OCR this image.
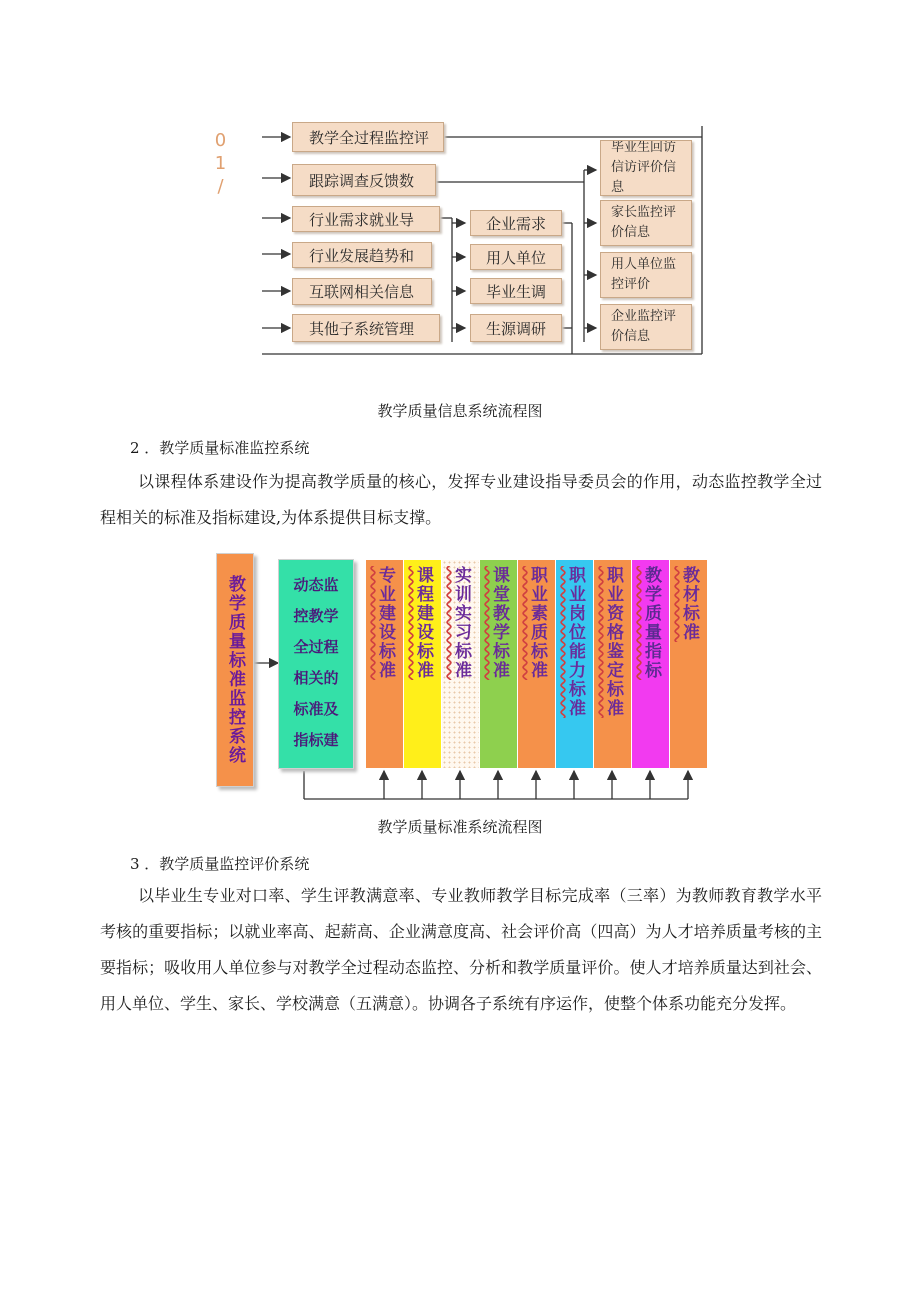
01/	教学全过程监控评
跟踪调查反馈数
行业需求就业导
行业发展趋势和
互联网相关信息
其他子系统管理
企业需求
用人单位
毕业生调
生源调研
毕业生回访信访评价信息
家长监控评价信息
用人单位监控评价
企业监控评价信息
教学质量信息系统流程图
2 ．教学质量标准监控系统

以课程体系建设作为提高教学质量的核心，发挥专业建设指导委员会的作用，动态监控教学全过程相关的标准及指标建设,为体系提供目标支撑。

教学质量标准监控系统	动态监
控教学
全过程
相关的
标准及
指标建
专业建设标准 课程建设标准 实训实习标准 课堂教学标准 职业素质标准 职业岗位能力标准 职业资格鉴定标准 教学质量指标 教材标准
教学质量标准系统流程图
3 ．教学质量监控评价系统

以毕业生专业对口率、学生评教满意率、专业教师教学目标完成率（三率）为教师教育教学水平考核的重要指标；以就业率高、起薪高、企业满意度高、社会评价高（四高）为人才培养质量考核的主要指标；吸收用人单位参与对教学全过程动态监控、分析和教学质量评价。使人才培养质量达到社会、用人单位、学生、家长、学校满意（五满意）。协调各子系统有序运作，使整个体系功能充分发挥。
